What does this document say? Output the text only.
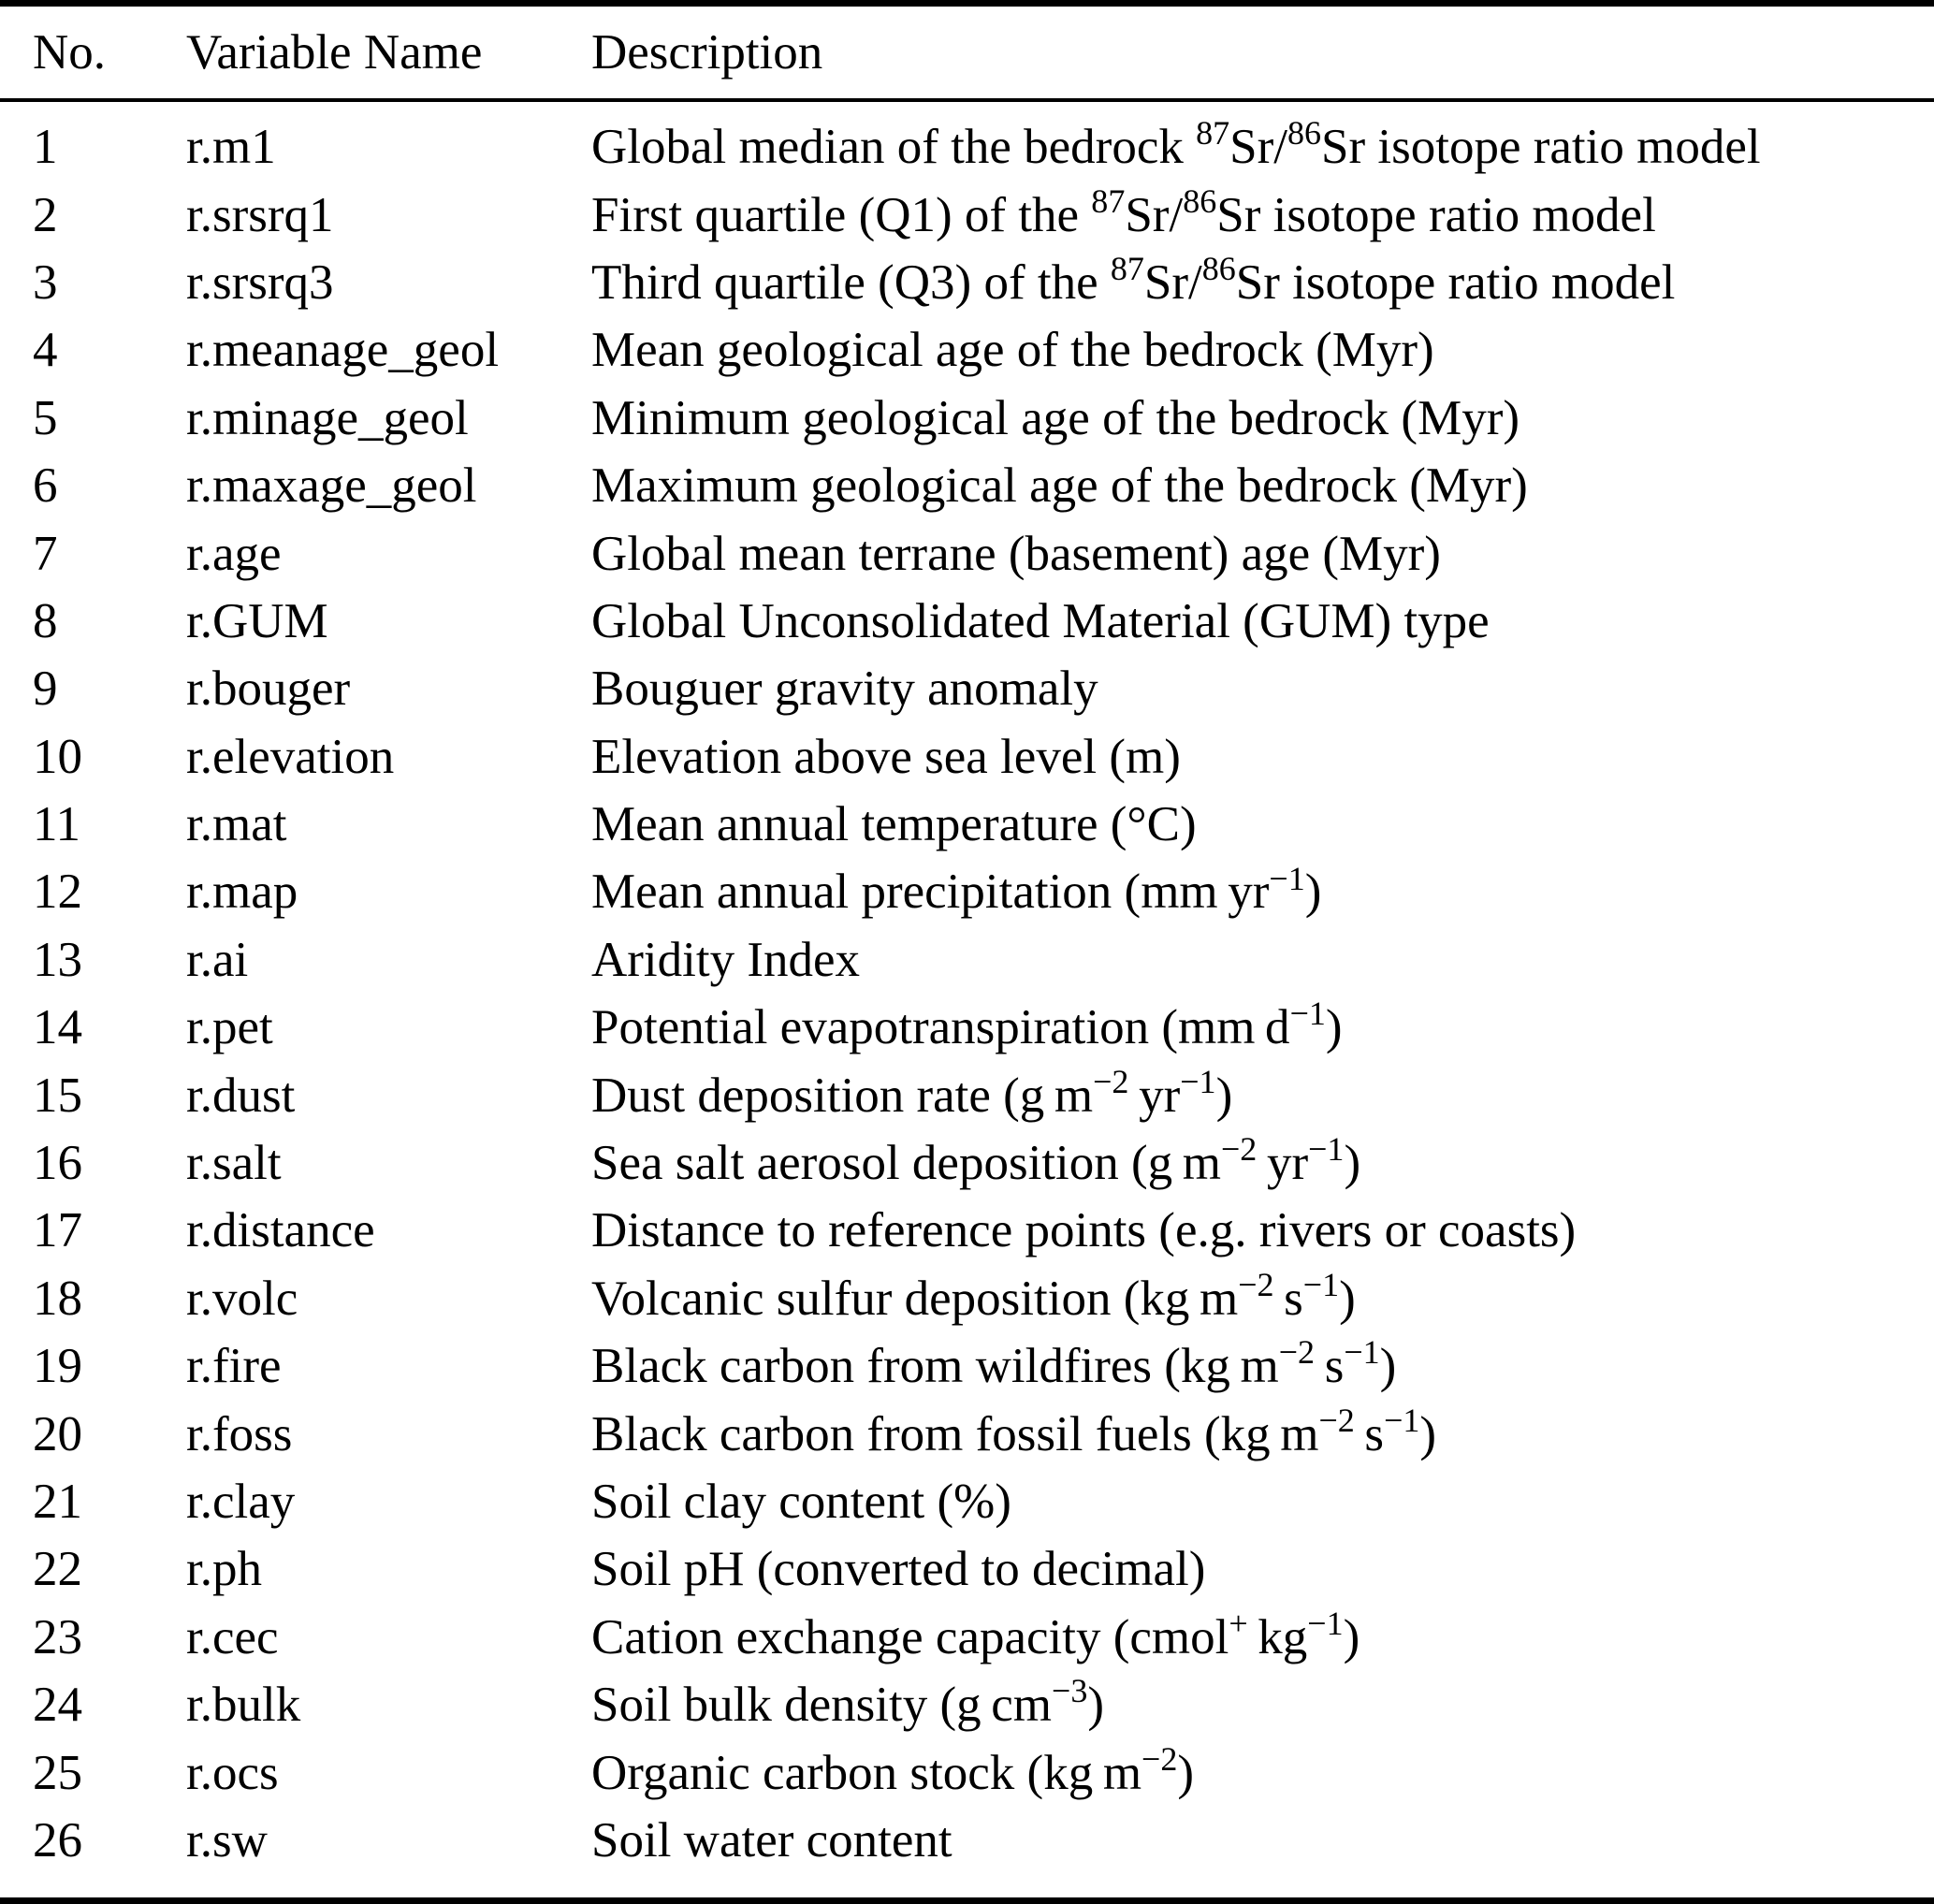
No.	Variable Name	Description
1	r.m1	Global median of the bedrock $^{87}$Sr/$^{86}$Sr isotope ratio model
2	r.srsrq1	First quartile (Q1) of the $^{87}$Sr/$^{86}$Sr isotope ratio model
3	r.srsrq3	Third quartile (Q3) of the $^{87}$Sr/$^{86}$Sr isotope ratio model
4	r.meanage_geol	Mean geological age of the bedrock (Myr)
5	r.minage_geol	Minimum geological age of the bedrock (Myr)
6	r.maxage_geol	Maximum geological age of the bedrock (Myr)
7	r.age	Global mean terrane (basement) age (Myr)
8	r.GUM	Global Unconsolidated Material (GUM) type
9	r.bouger	Bouguer gravity anomaly
10	r.elevation	Elevation above sea level (m)
11	r.mat	Mean annual temperature (°C)
12	r.map	Mean annual precipitation (mm $yr^{-1}$)
13	r.ai	Aridity Index
14	r.pet	Potential evapotranspiration (mm $d^{-1}$)
15	r.dust	Dust deposition rate (g $m^{-2}$ $yr^{-1}$)
16	r.salt	Sea salt aerosol deposition (g $m^{-2}$ $yr^{-1}$)
17	r.distance	Distance to reference points (e.g. rivers or coasts)
18	r.volc	Volcanic sulfur deposition (kg $m^{-2}$ $s^{-1}$)
19	r.fire	Black carbon from wildfires (kg $m^{-2}$ $s^{-1}$)
20	r.foss	Black carbon from fossil fuels (kg $m^{-2}$ $s^{-1}$)
21	r.clay	Soil clay content (%)
22	r.ph	Soil pH (converted to decimal)
23	r.cec	Cation exchange capacity (cmol+ $kg^{-1}$)
24	r.bulk	Soil bulk density (g $cm^{-3}$)
25	r.ocs	Organic carbon stock (kg $m^{-2}$)
26	r.sw	Soil water content
